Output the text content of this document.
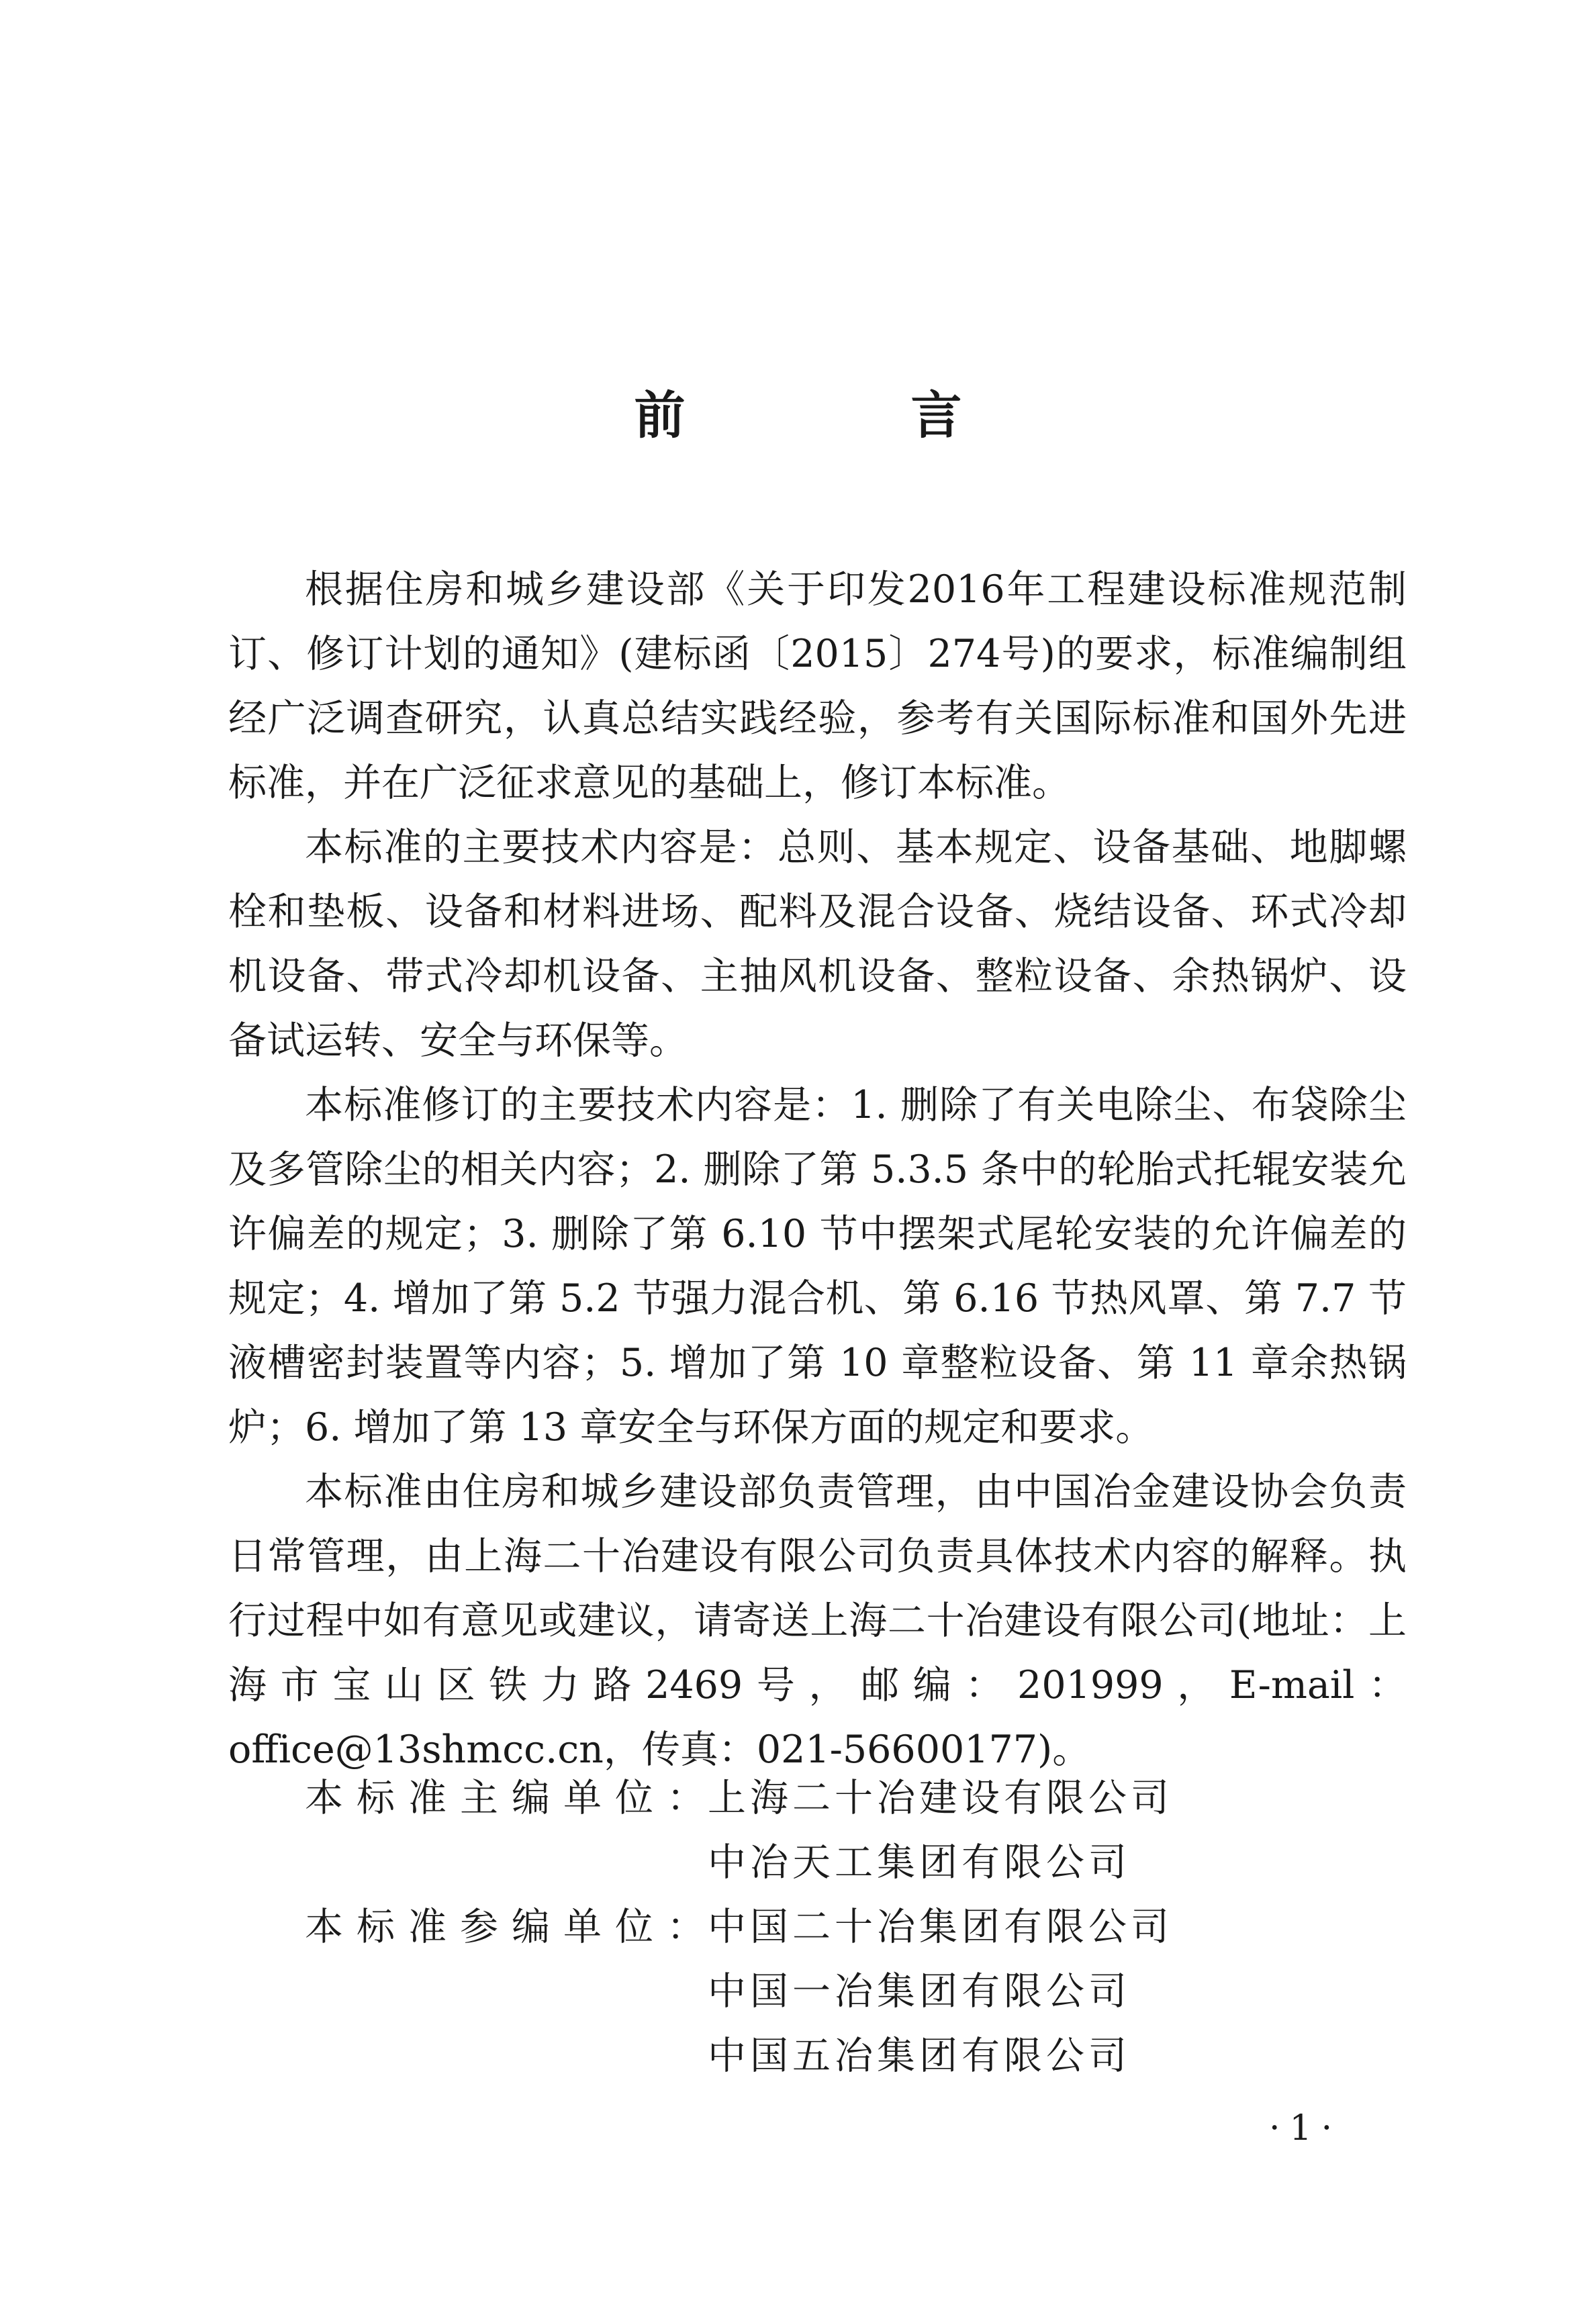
前　言

根据住房和城乡建设部《关于印发2016年工程建设标准规范制订、修订计划的通知》(建标函〔2015〕274号)的要求，标准编制组经广泛调查研究，认真总结实践经验，参考有关国际标准和国外先进标准，并在广泛征求意见的基础上，修订本标准。

本标准的主要技术内容是：总则、基本规定、设备基础、地脚螺栓和垫板、设备和材料进场、配料及混合设备、烧结设备、环式冷却机设备、带式冷却机设备、主抽风机设备、整粒设备、余热锅炉、设备试运转、安全与环保等。

本标准修订的主要技术内容是：1. 删除了有关电除尘、布袋除尘及多管除尘的相关内容；2. 删除了第 5.3.5 条中的轮胎式托辊安装允许偏差的规定；3. 删除了第 6.10 节中摆架式尾轮安装的允许偏差的规定；4. 增加了第 5.2 节强力混合机、第 6.16 节热风罩、第 7.7 节液槽密封装置等内容；5. 增加了第 10 章整粒设备、第 11 章余热锅炉；6. 增加了第 13 章安全与环保方面的规定和要求。

本标准由住房和城乡建设部负责管理，由中国冶金建设协会负责日常管理，由上海二十冶建设有限公司负责具体技术内容的解释。执行过程中如有意见或建议，请寄送上海二十冶建设有限公司(地址：上海市宝山区铁力路2469号，邮编：201999，E-mail：office@13shmcc.cn，传真：021-56600177)。

本标准主编单位：
上海二十冶建设有限公司
中冶天工集团有限公司
本标准参编单位：
中国二十冶集团有限公司
中国一冶集团有限公司
中国五冶集团有限公司
·1·
